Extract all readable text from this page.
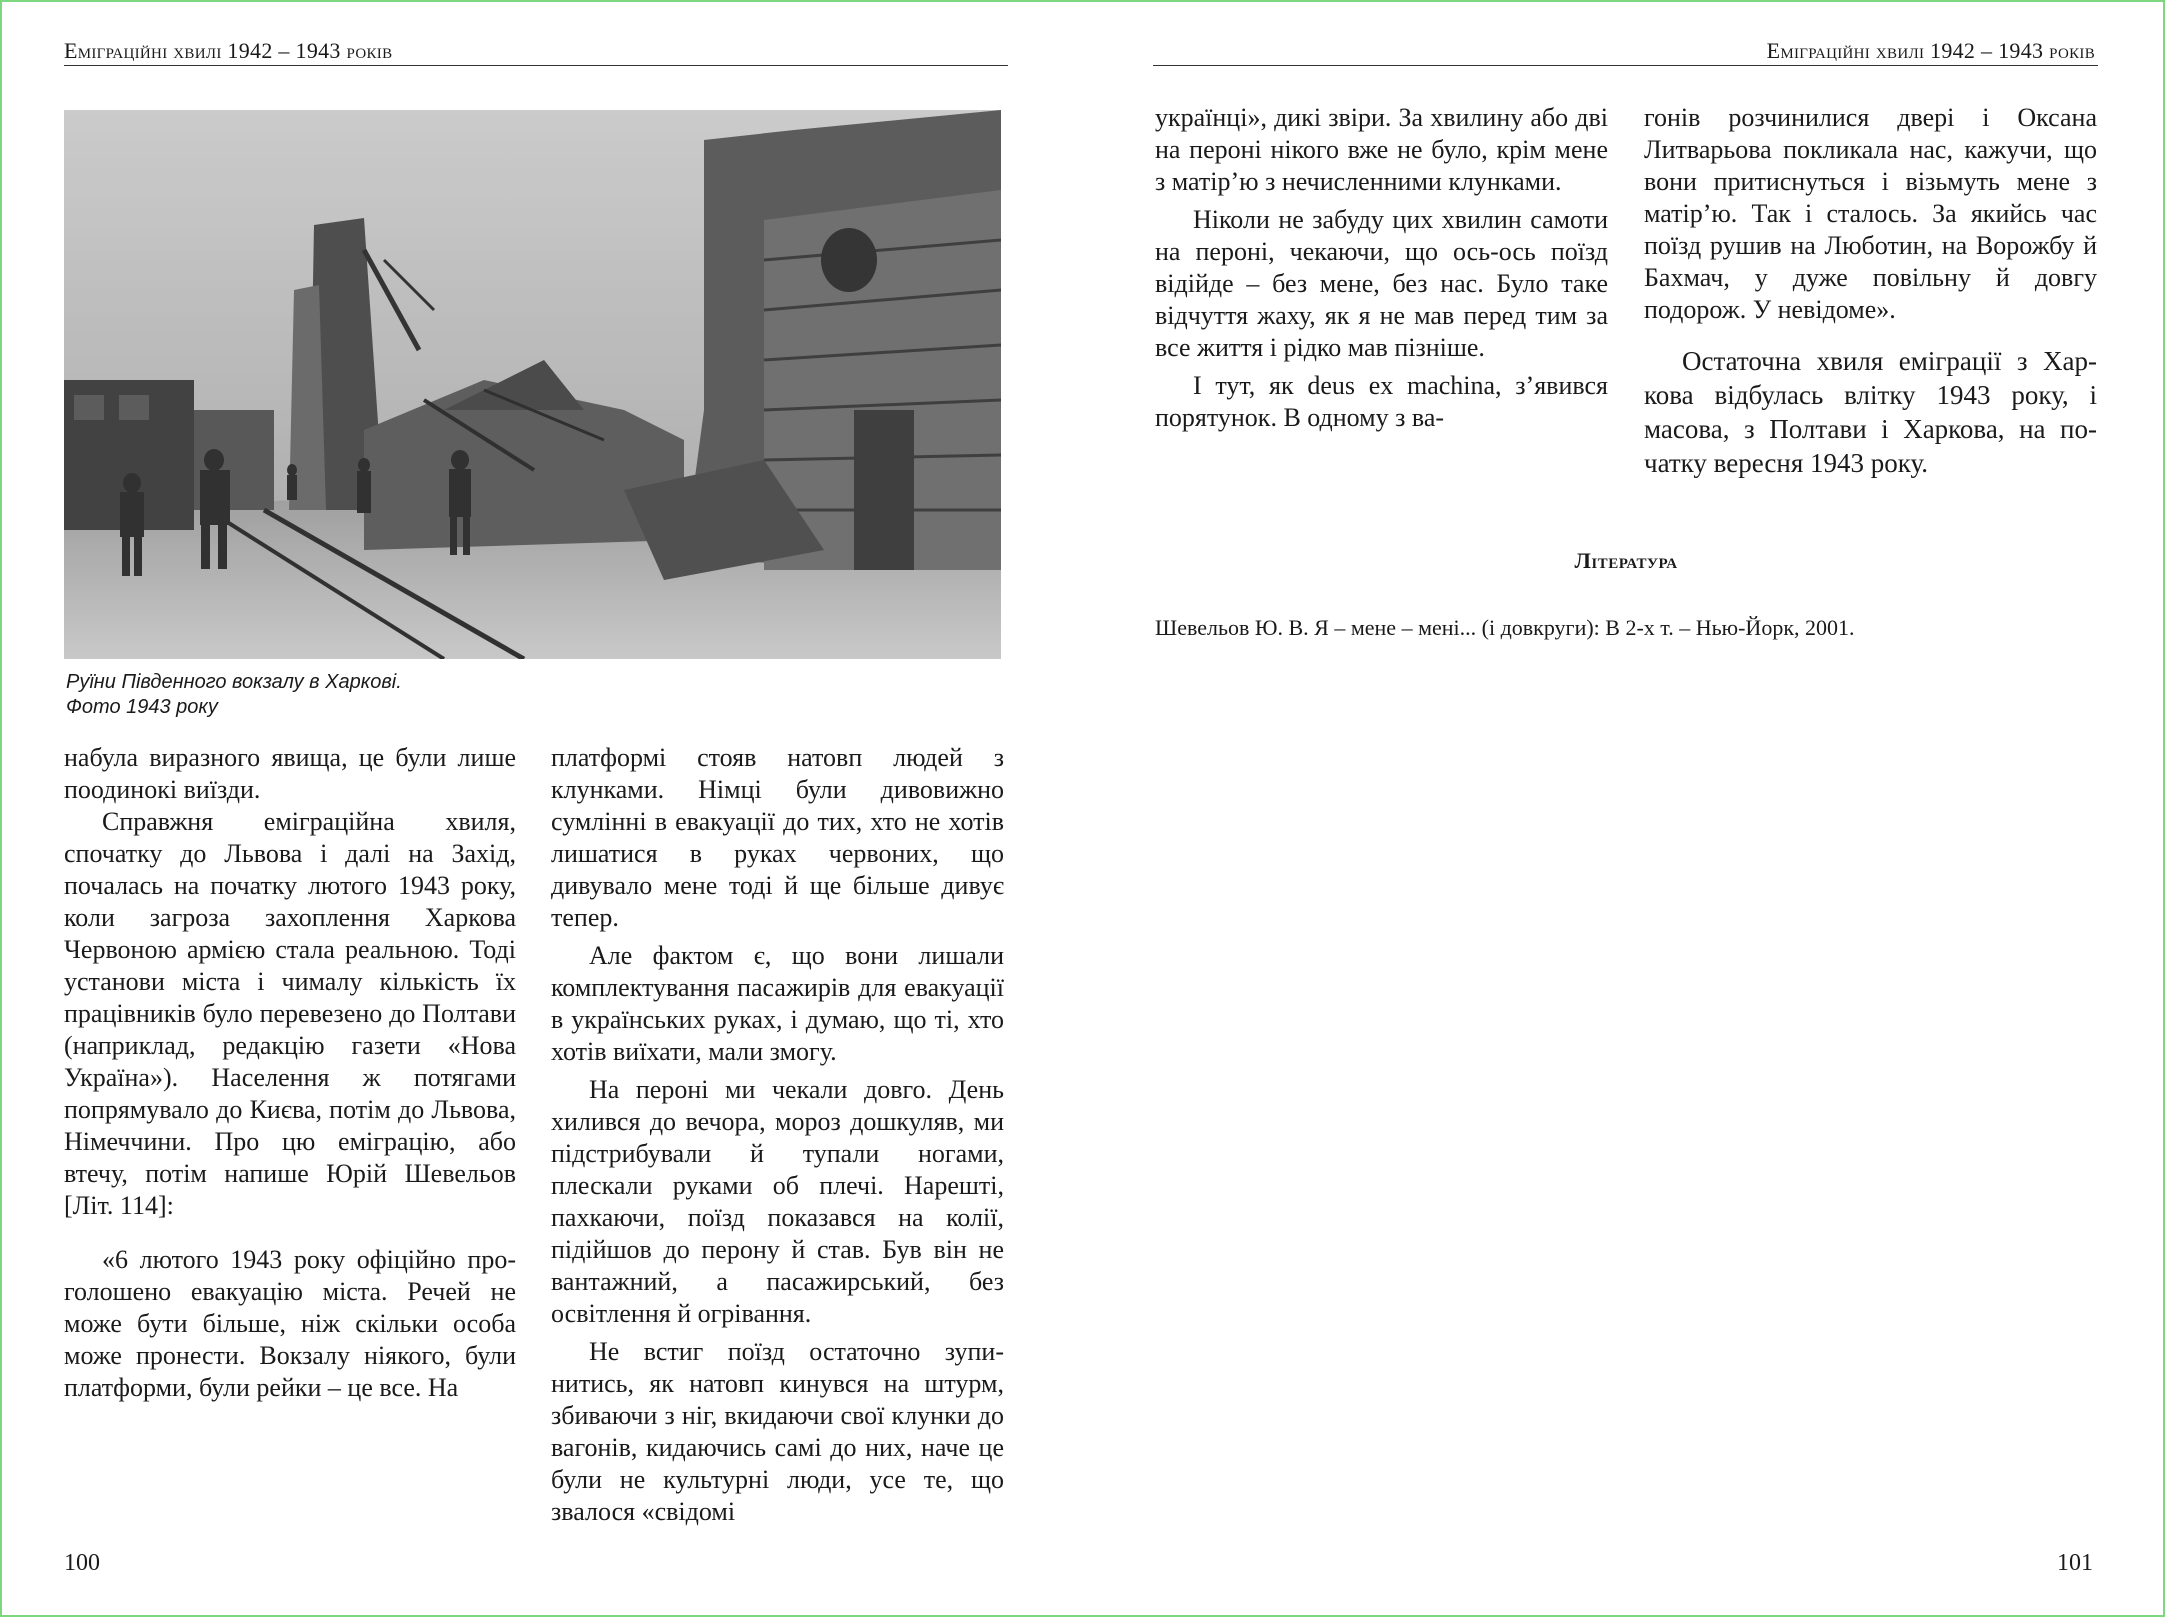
Еміграційні хвилі 1942 – 1943 років
Руїни Південного вокзалу в Харкові.
Фото 1943 року

набула виразного явища, це були лише поодинокі виїзди.

Справжня еміграційна хвиля, спочатку до Львова і далі на Захід, почалась на початку лютого 1943 року, коли загроза захоплення Харкова Червоною армією стала реальною. Тоді установи міста і чималу кількість їх працівників було перевезено до Полтави (наприклад, редакцію газети «Нова Україна»). Населення ж потягами попрямувало до Києва, потім до Львова, Німеччини. Про цю еміграцію, або втечу, потім напише Юрій Шевельов [Літ. 114]:

«6 лютого 1943 року офіційно проголошено евакуацію міста. Речей не може бути більше, ніж скільки особа може пронести. Вокзалу ніякого, були платформи, були рейки – це все. На

платформі стояв натовп людей з клунками. Німці були дивовижно сумлінні в евакуації до тих, хто не хотів лишатися в руках червоних, що дивувало мене тоді й ще більше дивує тепер.

Але фактом є, що вони лишали комплектування пасажирів для евакуації в українських руках, і думаю, що ті, хто хотів виїхати, мали змогу.

На пероні ми чекали довго. День хилився до вечора, мороз дошкуляв, ми підстрибували й тупали ногами, плескали руками об плечі. Нарешті, пахкаючи, поїзд показався на колії, підійшов до перону й став. Був він не вантажний, а пасажирський, без освітлення й огрівання.

Не встиг поїзд остаточно зупинитись, як натовп кинувся на штурм, збиваючи з ніг, вкидаючи свої клунки до вагонів, кидаючись самі до них, наче це були не культурні люди, усе те, що звалося «свідомі

100
Еміграційні хвилі 1942 – 1943 років

українці», дикі звіри. За хвилину або дві на пероні нікого вже не було, крім мене з матір’ю з нечисленними клунками.

Ніколи не забуду цих хвилин самоти на пероні, чекаючи, що ось-ось поїзд відійде – без мене, без нас. Було таке відчуття жаху, як я не мав перед тим за все життя і рідко мав пізніше.

І тут, як deus ex machina, з’явився порятунок. В одному з ва-

гонів розчинилися двері і Оксана Литварьова покликала нас, кажучи, що вони притиснуться і візьмуть мене з матір’ю. Так і сталось. За якийсь час поїзд рушив на Люботин, на Ворожбу й Бахмач, у дуже повільну й довгу подорож. У невідоме».

Остаточна хвиля еміграції з Харкова відбулась влітку 1943 року, і масова, з Полтави і Харкова, на початку вересня 1943 року.

Література
Шевельов Ю. В. Я – мене – мені... (і довкруги): В 2-х т. – Нью-Йорк, 2001.
101
